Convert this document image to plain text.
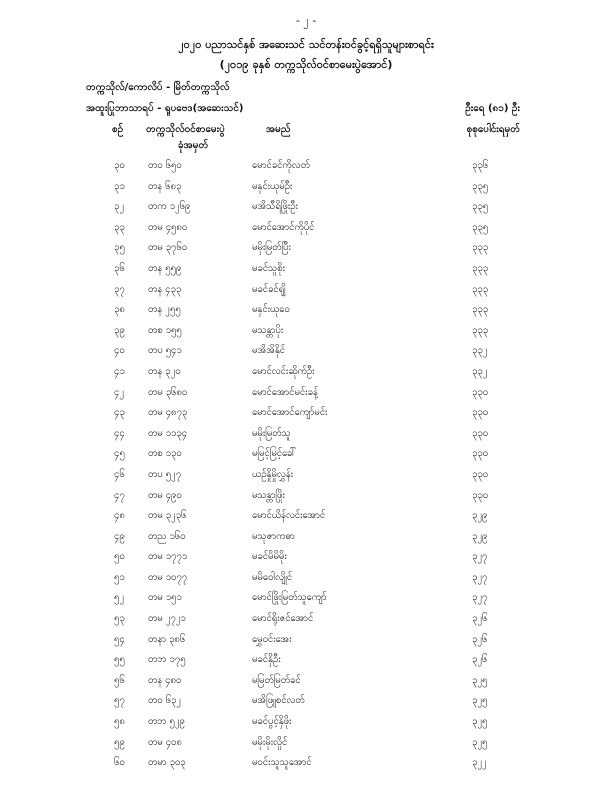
- ၂ -
၂၀၂၀ ပညာသင်နှစ် အဆေးသင် သင်တန်းဝင်ခွင့်ရရှိသူများစာရင်း
(၂၀၁၉ ခုနှစ် တက္ကသိုလ်ဝင်စာမေးပွဲအောင်)
တက္ကသိုလ်/ကောလိပ် - မြိတ်တက္ကသိုလ်
အထူးပြုဘာသာရပ် - ရူပဗေဒ(အဆေးသင်)	ဦးရေ (၈၁) ဦး
စဉ် တက္ကသိုလ်ဝင်စာမေးပွဲ
ခုံအမှတ်
အမည်	စုစုပေါင်းရမှတ်
၃၀	တဝ ၆၅၀	မောင်ခင်ကိုလတ်	၃၃၆
၃၁	တန ၆၈၃	မနှင်းယုမ်ဦး	၃၃၅
၃၂	တက ၁၂၆၉	မအိသီရိဖြိုးဦး	၃၃၅
၃၃	တမ ၄၅၈၀	မောင်အောင်ကိုပိုင်	၃၃၅
၃၅	တမ ၃၇၆၀	မမိုးမြတ်ပြီး	၃၃၃
၃၆	တန ၅၅၉	မခင်သူစိုး	၃၃၃
၃၇	တန ၄၃၃	မခင်ခင်ရျိ	၃၃၃
၃၈	တန ၂၅၅	မနှင်းယုဝေ	၃၃၃
၃၉	တစ ၁၅၅	မသန္တာပိုး	၃၃၃
၄၀	တပ ၅၄၁	မအိအိနိုင်	၃၃၂
၄၁	တန ၃၂၀	မောင်လင်းဆိုက်ဦး	၃၃၂
၄၂	တမ ၃၆၈၀	မောင်အောင်မင်းခန့်	၃၃၀
၄၃	တမ ၄၈၇၃	မောင်အောင်ကျော်မင်း	၃၃၀
၄၄	တမ ၁၁၃၄	မမိုးမြတ်သူ	၃၃၀
၄၅	တစ ၁၃၀	မမြင့်မြင့်ခေါ်	၃၃၀
၄၆	တပ ၅၂၇	ယဉ်နှိုမှိုလွှန်း	၃၃၀
၄၇	တမ ၄၉၀	မသန္တာဖြိုး	၃၃၀
၄၈	တမ ၃၂၃၆	မောင်ယိန်လင်းအောင်	၃၂၉
၄၉	တည ၁၆၀	မသုဇာကဓာ	၃၂၉
၅၀	တမ ၁၇၇၁	မခင်မိမိမိုး	၃၂၇
၅၁	တမ ၁၀၇၇	မမိဝေါလျိုင်	၃၂၇
၅၂	တမ ၁၅၁	မောင်ဖြိုးမြတ်သူကျော်	၃၂၇
၅၃	တမ ၂၇၂၁	မောင်ရိုးဇင်အောင်	၃၂၆
၅၄	တနာ ၃၈၆	မွှေဝင်းအေး	၃၂၆
၅၅	တဘ ၁၇၅	မခင်နှိဦး	၃၂၆
၅၆	တန ၄၈၀	မမြတ်မြတ်ခင်	၃၂၅
၅၇	တဝ ၆၃၂	မအိဖြူစင်လတ်	၃၂၅
၅၈	တဘ ၅၂၉	မခင်ပွင့်နှိဖိုး	၃၂၅
၅၉	တမ ၄၀၈	မမိုးမိုးလှိုင်	၃၂၅
၆၀	တမာ ၃၀၃	မဝင်းသူသူအောင်	၃၂၂
